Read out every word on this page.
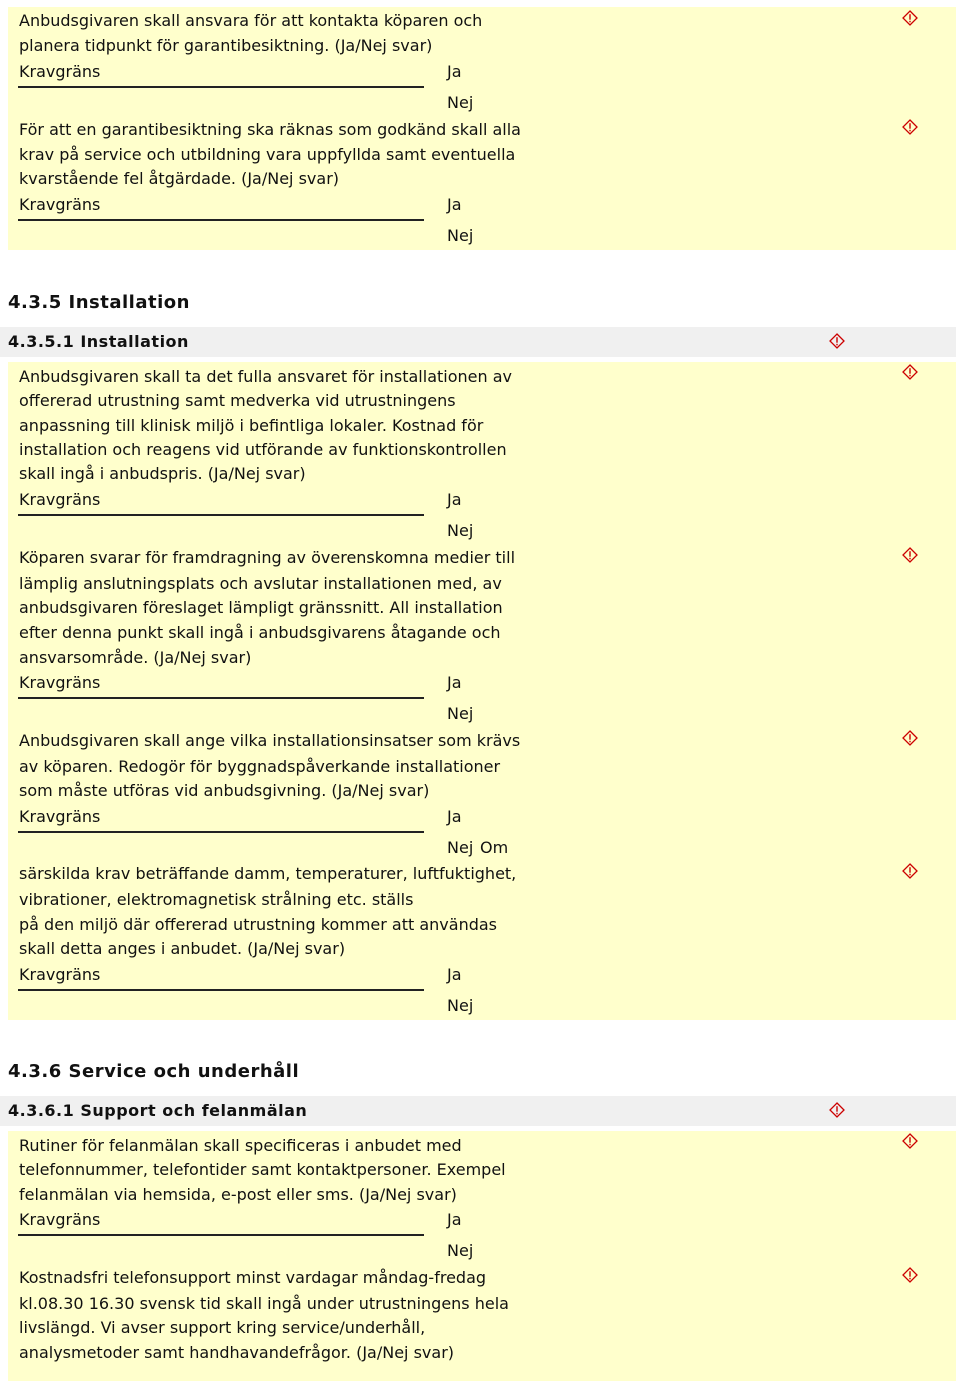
Anbudsgivaren skall ansvara för att kontakta köparen och
planera tidpunkt för garantibesiktning. (Ja/Nej svar)
Kravgräns	Ja
Nej
För att en garantibesiktning ska räknas som godkänd skall alla
krav på service och utbildning vara uppfyllda samt eventuella
kvarstående fel åtgärdade. (Ja/Nej svar)
Kravgräns	Ja
Nej
4.3.5 Installation
4.3.5.1 Installation
Anbudsgivaren skall ta det fulla ansvaret för installationen av
offererad utrustning samt medverka vid utrustningens
anpassning till klinisk miljö i befintliga lokaler. Kostnad för
installation och reagens vid utförande av funktionskontrollen
skall ingå i anbudspris. (Ja/Nej svar)
Kravgräns	Ja
Nej
Köparen svarar för framdragning av överenskomna medier till
lämplig anslutningsplats och avslutar installationen med, av
anbudsgivaren föreslaget lämpligt gränssnitt. All installation
efter denna punkt skall ingå i anbudsgivarens åtagande och
ansvarsområde. (Ja/Nej svar)
Kravgräns	Ja
Nej
Anbudsgivaren skall ange vilka installationsinsatser som krävs
av köparen. Redogör för byggnadspåverkande installationer
som måste utföras vid anbudsgivning. (Ja/Nej svar)
Kravgräns	Ja
Nej Om
särskilda krav beträffande damm, temperaturer, luftfuktighet,
vibrationer, elektromagnetisk strålning etc. ställs
på den miljö där offererad utrustning kommer att användas
skall detta anges i anbudet. (Ja/Nej svar)
Kravgräns	Ja
Nej
4.3.6 Service och underhåll
4.3.6.1 Support och felanmälan
Rutiner för felanmälan skall specificeras i anbudet med
telefonnummer, telefontider samt kontaktpersoner. Exempel
felanmälan via hemsida, e-post eller sms. (Ja/Nej svar)
Kravgräns	Ja
Nej
Kostnadsfri telefonsupport minst vardagar måndag-fredag
kl.08.30 16.30 svensk tid skall ingå under utrustningens hela
livslängd. Vi avser support kring service/underhåll,
analysmetoder samt handhavandefrågor. (Ja/Nej svar)
